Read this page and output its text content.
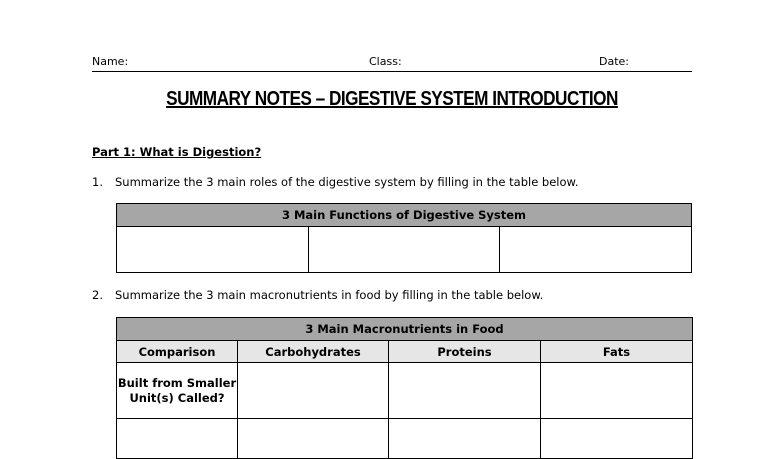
Name:	Class:	Date:
SUMMARY NOTES – DIGESTIVE SYSTEM INTRODUCTION
Part 1: What is Digestion?
1. Summarize the 3 main roles of the digestive system by filling in the table below.
3 Main Functions of Digestive System

2. Summarize the 3 main macronutrients in food by filling in the table below.
3 Main Macronutrients in Food			
Comparison	Carbohydrates	Proteins	Fats
Built from Smaller Unit(s) Called?			
